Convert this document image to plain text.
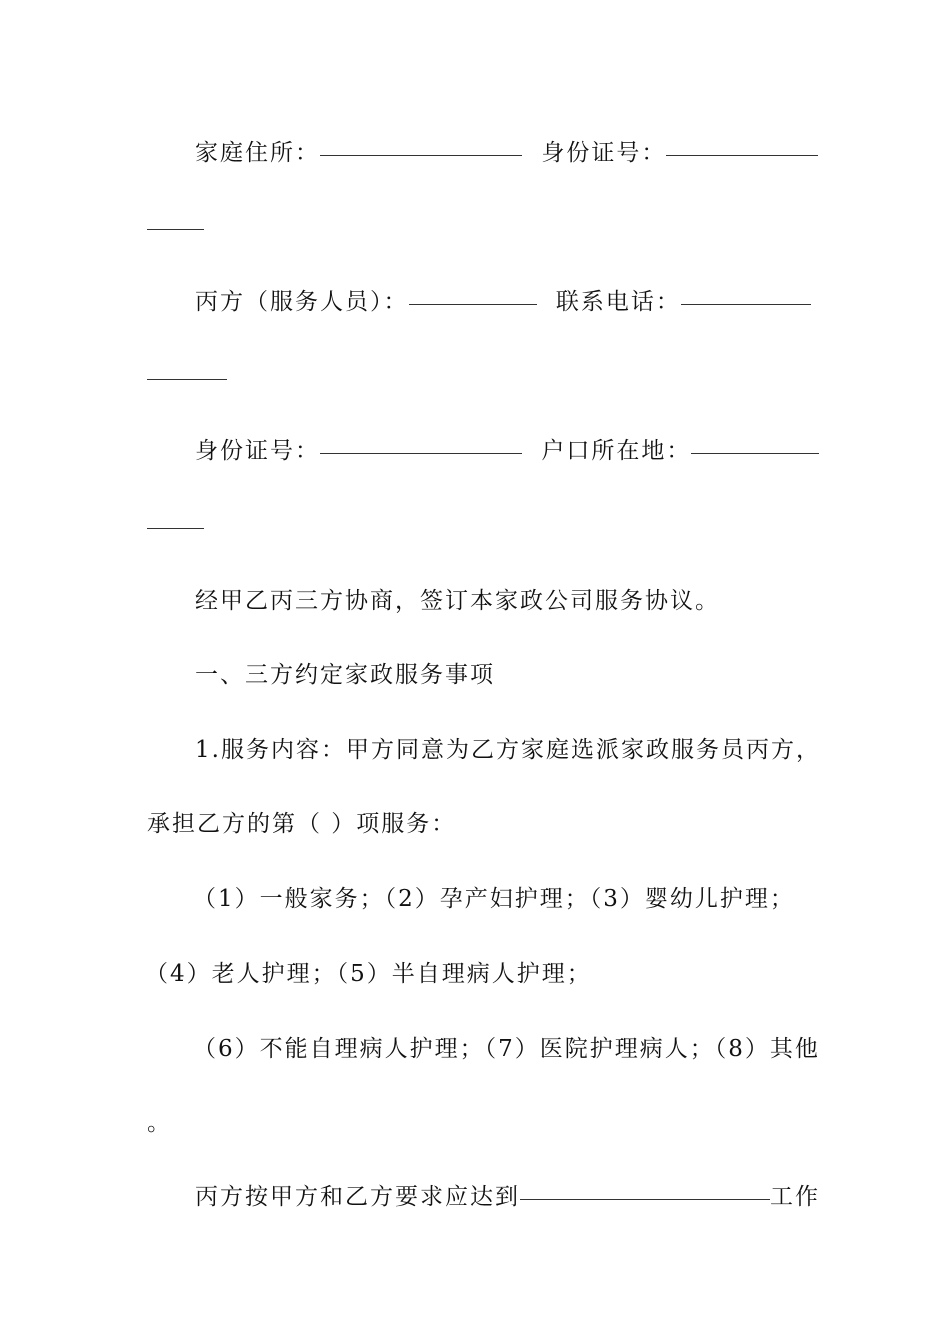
家庭住所：	身份证号：
丙方（服务人员）：	联系电话：
身份证号：	户口所在地：
经甲乙丙三方协商，签订本家政公司服务协议。
一、三方约定家政服务事项
1.服务内容：甲方同意为乙方家庭选派家政服务员丙方，
承担乙方的第（ ）项服务：
（1）一般家务；（2）孕产妇护理；（3）婴幼儿护理；
（4）老人护理；（5）半自理病人护理；
（6）不能自理病人护理；（7）医院护理病人；（8）其他
。
丙方按甲方和乙方要求应达到	工作
